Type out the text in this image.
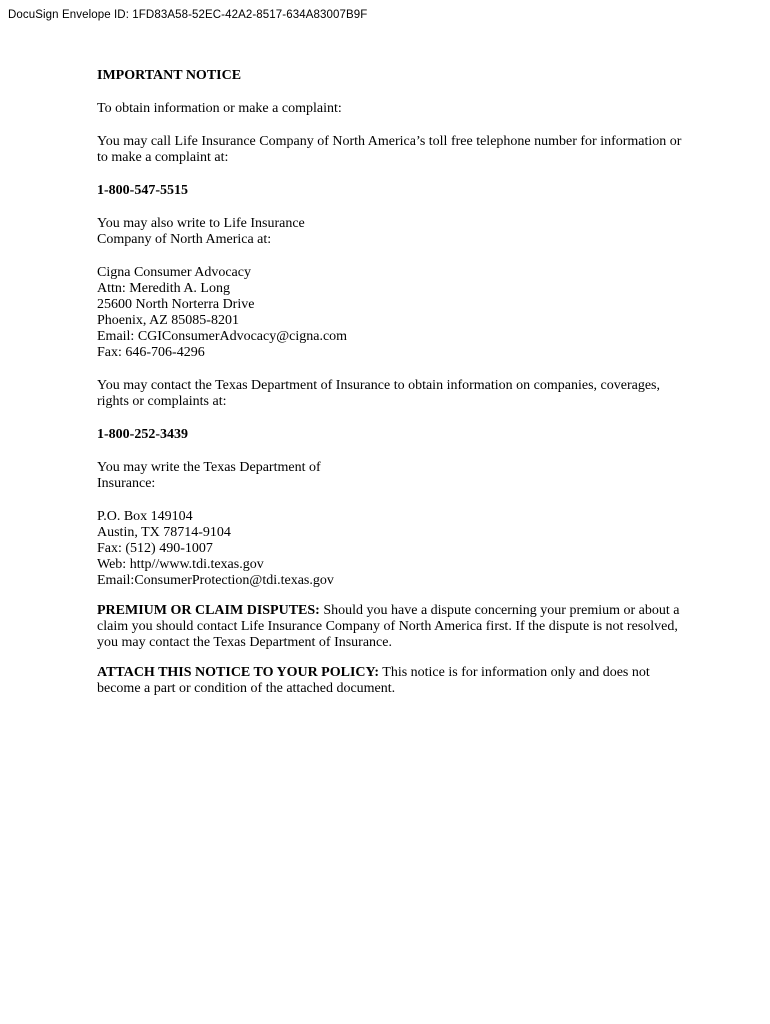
DocuSign Envelope ID: 1FD83A58-52EC-42A2-8517-634A83007B9F
IMPORTANT NOTICE
To obtain information or make a complaint:
You may call Life Insurance Company of North America’s toll free telephone number for information or
to make a complaint at:
1-800-547-5515
You may also write to Life Insurance
Company of North America at:
Cigna Consumer Advocacy
Attn: Meredith A. Long
25600 North Norterra Drive
Phoenix, AZ 85085-8201
Email: CGIConsumerAdvocacy@cigna.com
Fax: 646-706-4296
You may contact the Texas Department of Insurance to obtain information on companies, coverages,
rights or complaints at:
1-800-252-3439
You may write the Texas Department of
Insurance:
P.O. Box 149104
Austin, TX 78714-9104
Fax: (512) 490-1007
Web: http//www.tdi.texas.gov
Email:ConsumerProtection@tdi.texas.gov
PREMIUM OR CLAIM DISPUTES: Should you have a dispute concerning your premium or about a
claim you should contact Life Insurance Company of North America first. If the dispute is not resolved,
you may contact the Texas Department of Insurance.
ATTACH THIS NOTICE TO YOUR POLICY: This notice is for information only and does not
become a part or condition of the attached document.
